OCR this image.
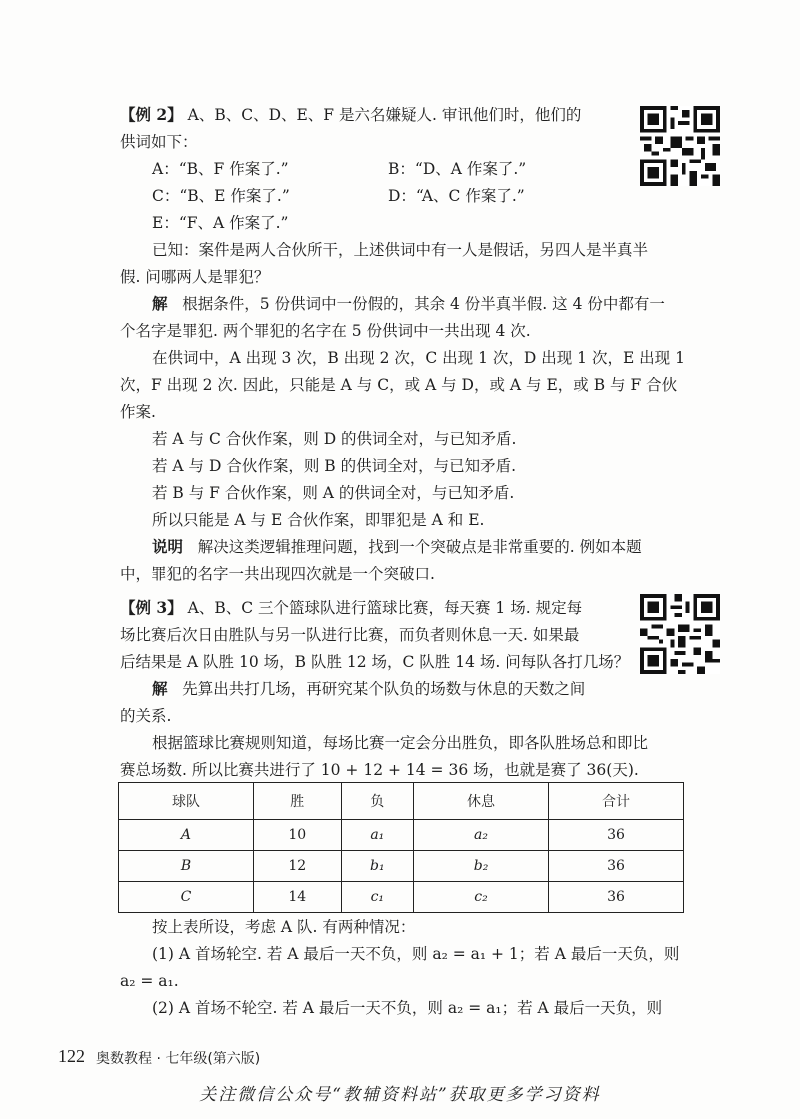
【例 2】 A、B、C、D、E、F 是六名嫌疑人. 审讯他们时，他们的
供词如下：
A：“B、F 作案了.”	B：“D、A 作案了.”
C：“B、E 作案了.”	D：“A、C 作案了.”
E：“F、A 作案了.”
已知：案件是两人合伙所干，上述供词中有一人是假话，另四人是半真半
假. 问哪两人是罪犯？
解 根据条件，5 份供词中一份假的，其余 4 份半真半假. 这 4 份中都有一
个名字是罪犯. 两个罪犯的名字在 5 份供词中一共出现 4 次.
在供词中，A 出现 3 次，B 出现 2 次，C 出现 1 次，D 出现 1 次，E 出现 1
次，F 出现 2 次. 因此，只能是 A 与 C，或 A 与 D，或 A 与 E，或 B 与 F 合伙
作案.
若 A 与 C 合伙作案，则 D 的供词全对，与已知矛盾.
若 A 与 D 合伙作案，则 B 的供词全对，与已知矛盾.
若 B 与 F 合伙作案，则 A 的供词全对，与已知矛盾.
所以只能是 A 与 E 合伙作案，即罪犯是 A 和 E.
说明 解决这类逻辑推理问题，找到一个突破点是非常重要的. 例如本题
中，罪犯的名字一共出现四次就是一个突破口.
【例 3】 A、B、C 三个篮球队进行篮球比赛，每天赛 1 场. 规定每
场比赛后次日由胜队与另一队进行比赛，而负者则休息一天. 如果最
后结果是 A 队胜 10 场，B 队胜 12 场，C 队胜 14 场. 问每队各打几场？
解 先算出共打几场，再研究某个队负的场数与休息的天数之间
的关系.
根据篮球比赛规则知道，每场比赛一定会分出胜负，即各队胜场总和即比
赛总场数. 所以比赛共进行了 10 + 12 + 14 = 36 场，也就是赛了 36(天).
球队	胜	负	休息	合计
A	10	a₁	a₂	36
B	12	b₁	b₂	36
C	14	c₁	c₂	36
按上表所设，考虑 A 队. 有两种情况：
(1) A 首场轮空. 若 A 最后一天不负，则 a₂ = a₁ + 1；若 A 最后一天负，则
a₂ = a₁.
(2) A 首场不轮空. 若 A 最后一天不负，则 a₂ = a₁；若 A 最后一天负，则
122 奥数教程 · 七年级(第六版)
关注微信公众号“教辅资料站”获取更多学习资料
